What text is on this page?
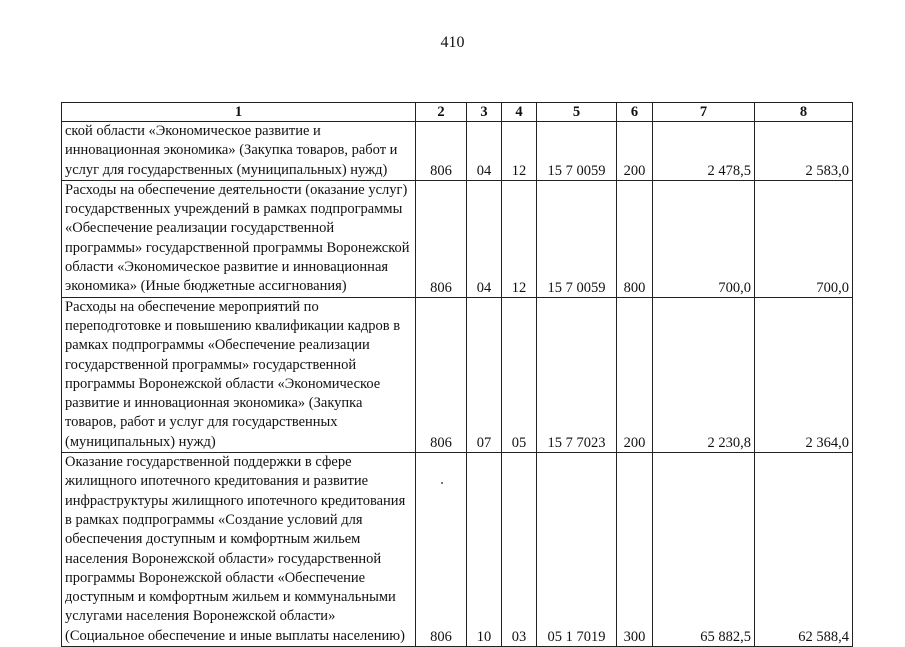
410
1	2	3	4	5	6	7	8
ской области «Экономическое развитие и инновационная экономика» (Закупка товаров, работ и услуг для государственных (муниципальных) нужд)	806	04	12	15 7 0059	200	2 478,5	2 583,0
Расходы на обеспечение деятельности (оказание услуг) государственных учреждений в рамках подпрограммы «Обеспечение реализации государственной программы» государственной программы Воронежской области «Экономическое развитие и инновационная экономика» (Иные бюджетные ассигнования)	806	04	12	15 7 0059	800	700,0	700,0
Расходы на обеспечение мероприятий по переподготовке и повышению квалификации кадров в рамках подпрограммы «Обеспечение реализации государственной программы» государственной программы Воронежской области «Экономическое развитие и инновационная экономика» (Закупка товаров, работ и услуг для государственных (муниципальных) нужд)	806	07	05	15 7 7023	200	2 230,8	2 364,0
Оказание государственной поддержки в сфере жилищного ипотечного кредитования и развитие инфраструктуры жилищного ипотечного кредитования в рамках подпрограммы «Создание условий для обеспечения доступным и комфортным жильем населения Воронежской области» государственной программы Воронежской области «Обеспечение доступным и комфортным жильем и коммунальными услугами населения Воронежской области» (Социальное обеспечение и иные выплаты населению)	806	10	03	05 1 7019	300	65 882,5	62 588,4
